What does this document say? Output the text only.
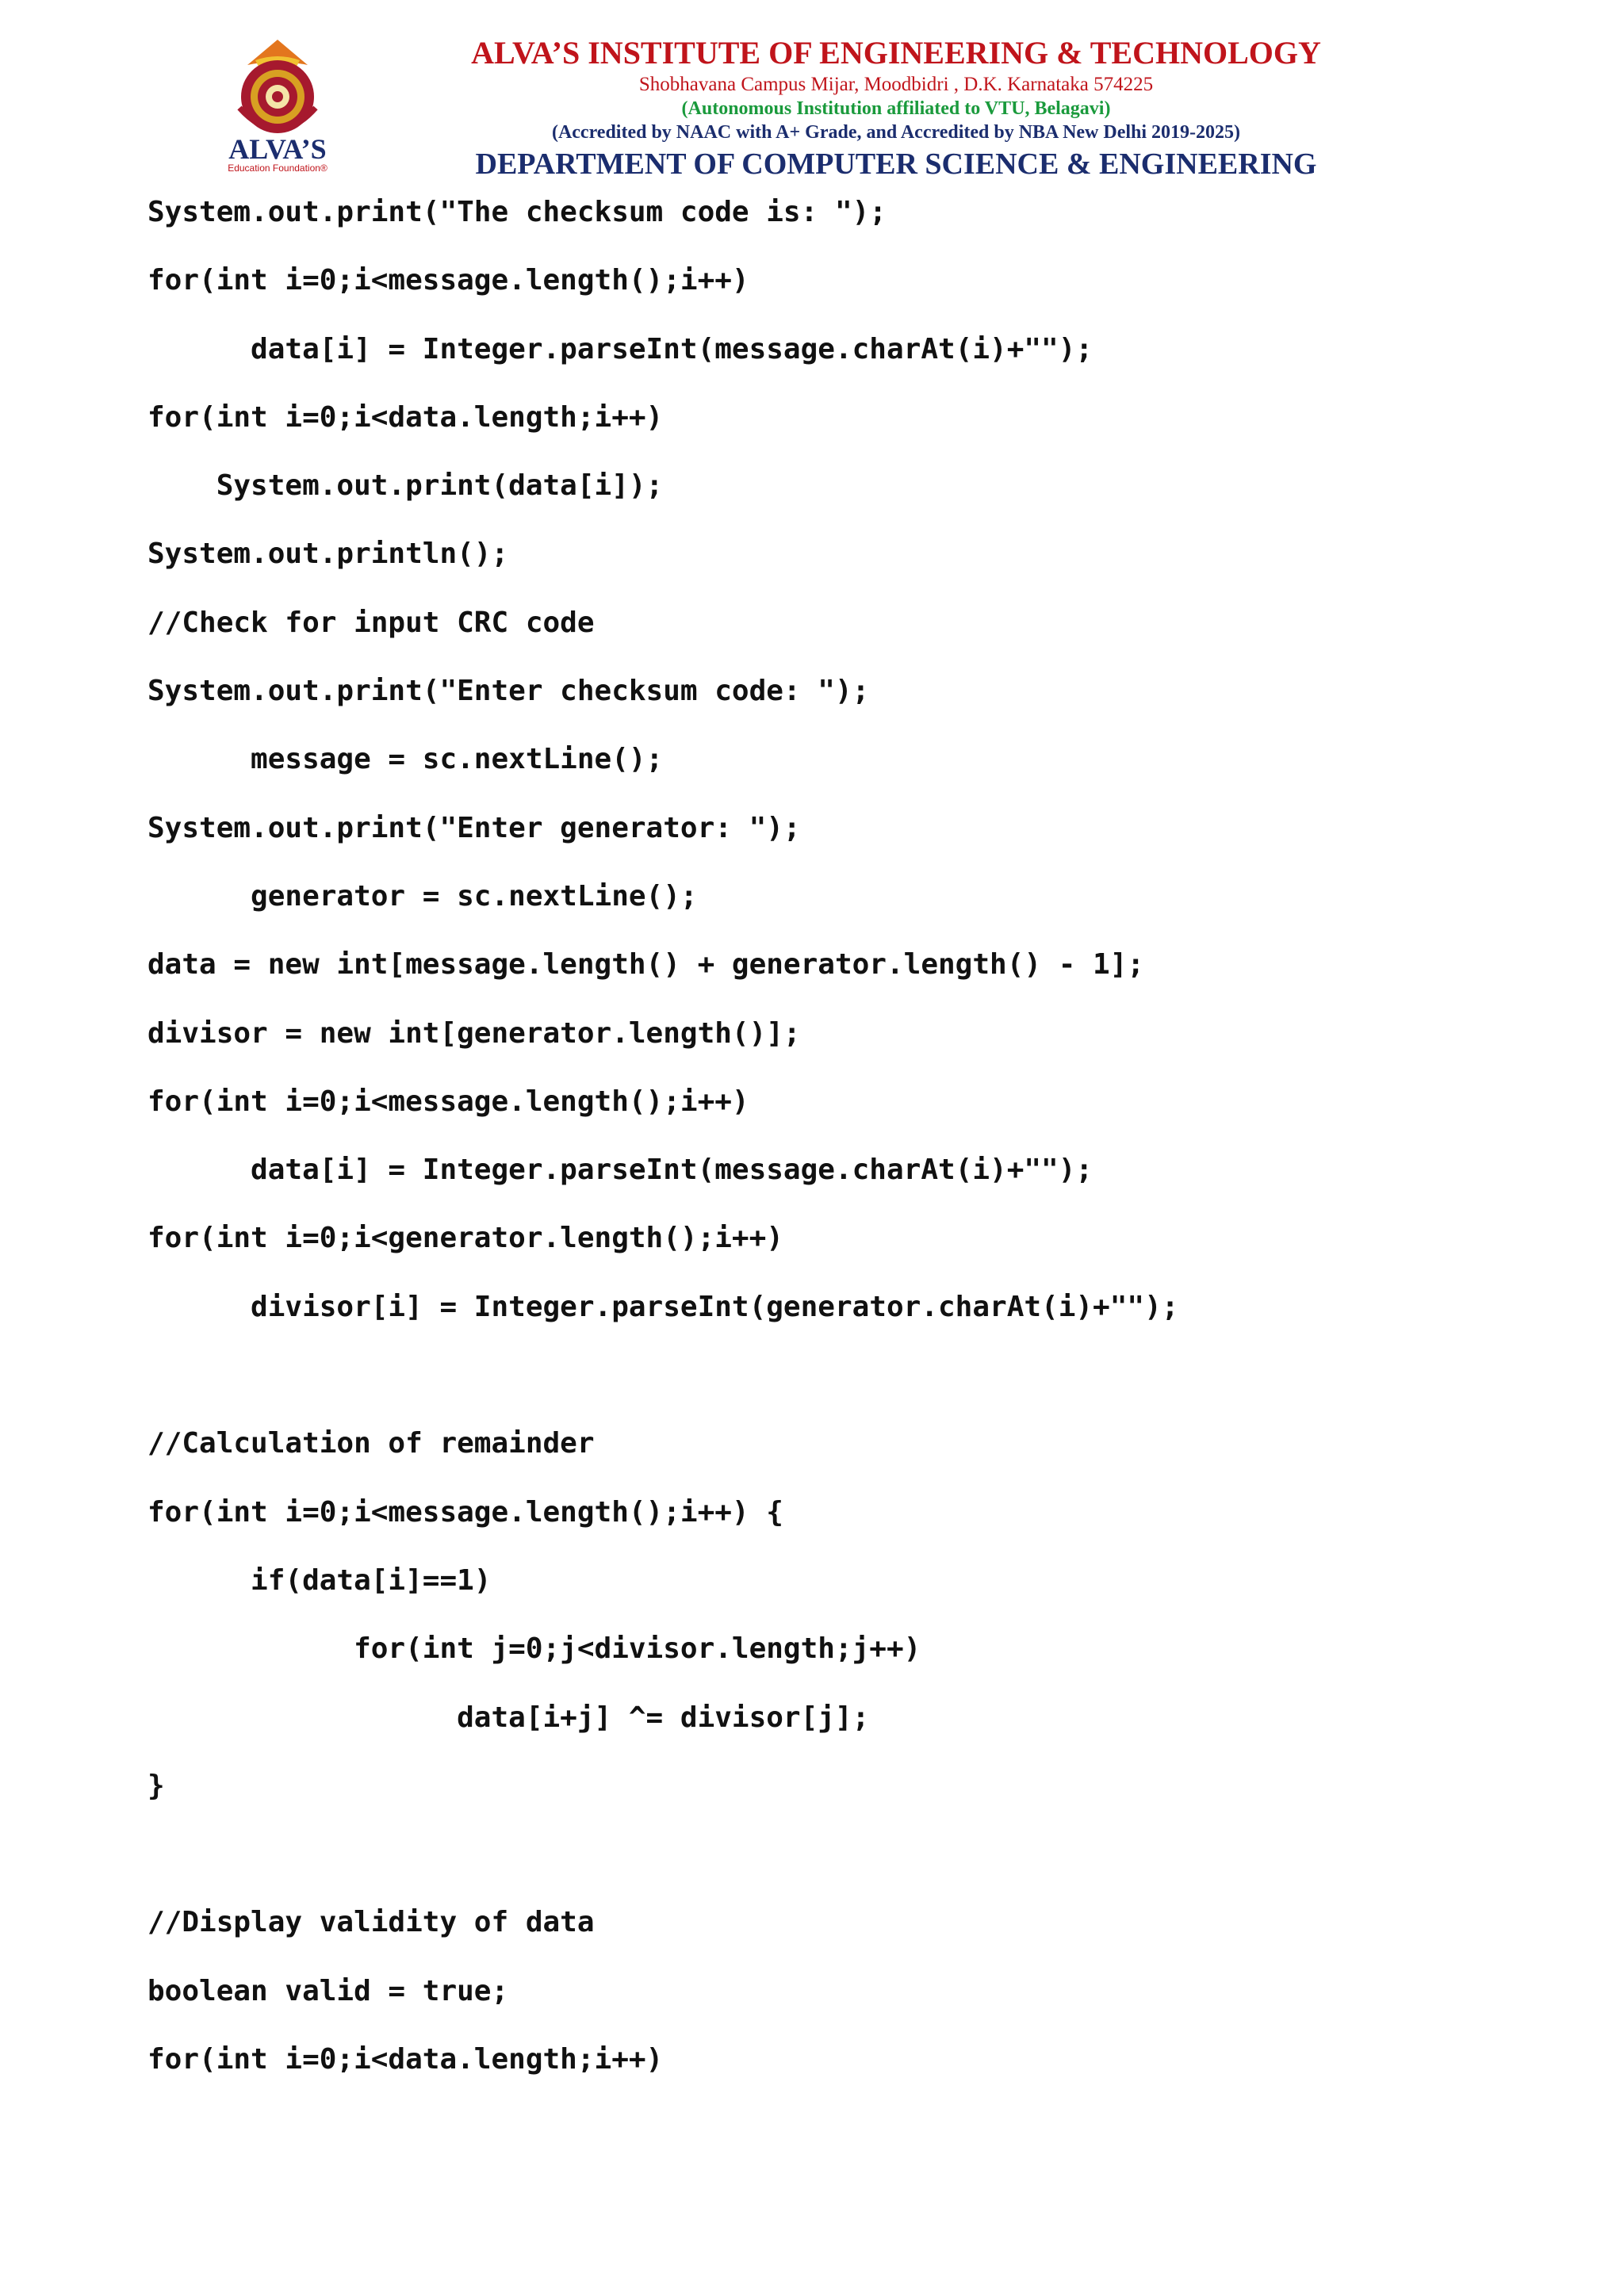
ALVA’S
Education Foundation®
ALVA’S INSTITUTE OF ENGINEERING & TECHNOLOGY
Shobhavana Campus Mijar, Moodbidri , D.K. Karnataka 574225
(Autonomous Institution affiliated to VTU, Belagavi)
(Accredited by NAAC with A+ Grade, and Accredited by NBA New Delhi 2019-2025)
DEPARTMENT OF COMPUTER SCIENCE & ENGINEERING
System.out.print("The checksum code is: ");
for(int i=0;i<message.length();i++)
data[i] = Integer.parseInt(message.charAt(i)+"");
for(int i=0;i<data.length;i++)
System.out.print(data[i]);
System.out.println();
//Check for input CRC code
System.out.print("Enter checksum code: ");
message = sc.nextLine();
System.out.print("Enter generator: ");
generator = sc.nextLine();
data = new int[message.length() + generator.length() - 1];
divisor = new int[generator.length()];
for(int i=0;i<message.length();i++)
data[i] = Integer.parseInt(message.charAt(i)+"");
for(int i=0;i<generator.length();i++)
divisor[i] = Integer.parseInt(generator.charAt(i)+"");
//Calculation of remainder
for(int i=0;i<message.length();i++) {
if(data[i]==1)
for(int j=0;j<divisor.length;j++)
data[i+j] ^= divisor[j];
}
//Display validity of data
boolean valid = true;
for(int i=0;i<data.length;i++)
